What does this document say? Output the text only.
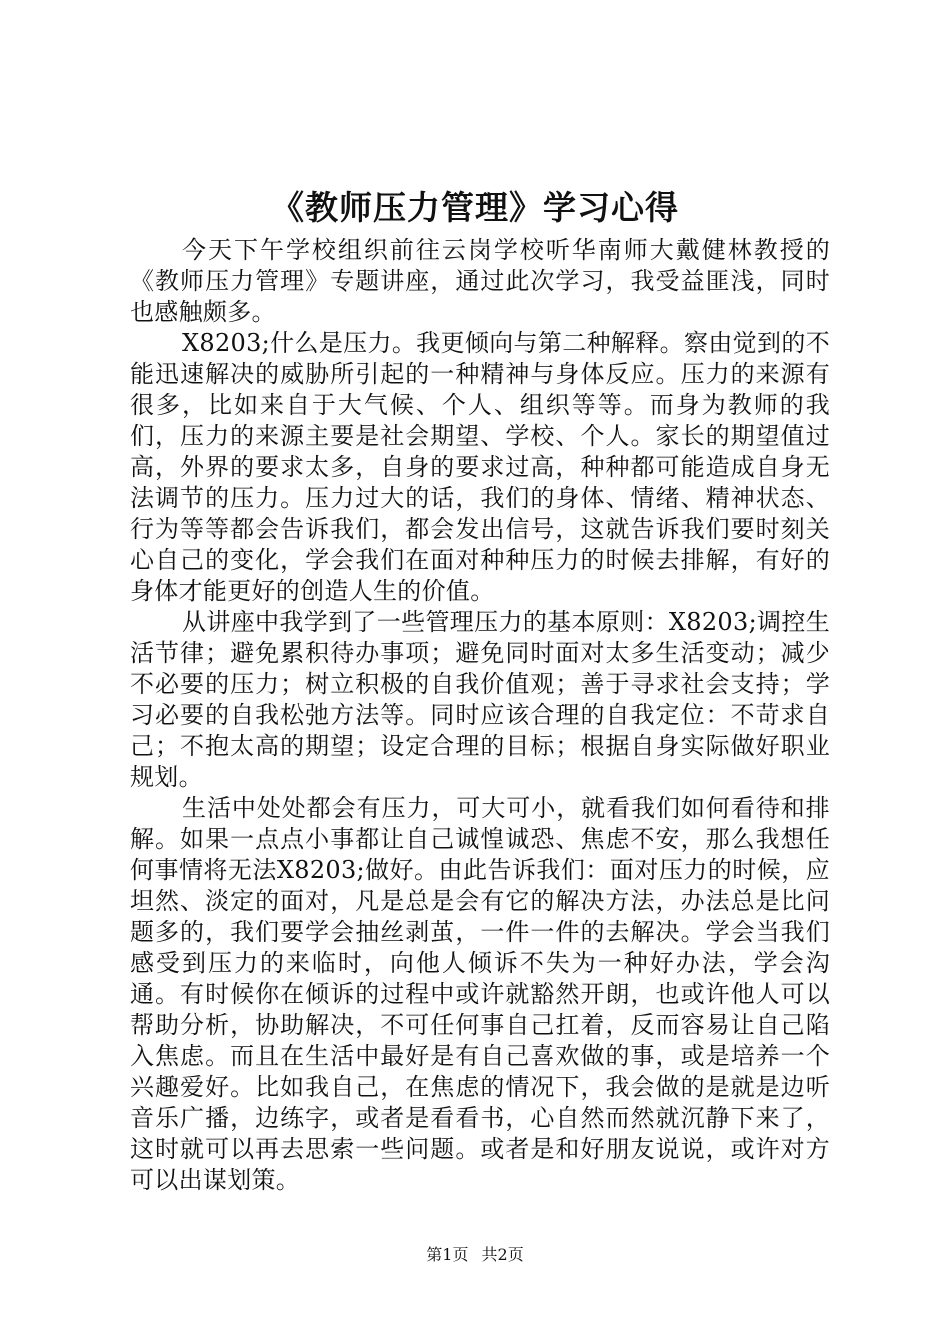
《教师压力管理》学习心得

今天下午学校组织前往云岗学校听华南师大戴健林教授的《教师压力管理》专题讲座，通过此次学习，我受益匪浅，同时也感触颇多。

X8203;什么是压力。我更倾向与第二种解释。察由觉到的不能迅速解决的威胁所引起的一种精神与身体反应。压力的来源有很多，比如来自于大气候、个人、组织等等。而身为教师的我们，压力的来源主要是社会期望、学校、个人。家长的期望值过高，外界的要求太多，自身的要求过高，种种都可能造成自身无法调节的压力。压力过大的话，我们的身体、情绪、精神状态、行为等等都会告诉我们，都会发出信号，这就告诉我们要时刻关心自己的变化，学会我们在面对种种压力的时候去排解，有好的身体才能更好的创造人生的价值。

从讲座中我学到了一些管理压力的基本原则：X8203;调控生活节律；避免累积待办事项；避免同时面对太多生活变动；减少不必要的压力；树立积极的自我价值观；善于寻求社会支持；学习必要的自我松弛方法等。同时应该合理的自我定位：不苛求自己；不抱太高的期望；设定合理的目标；根据自身实际做好职业规划。

生活中处处都会有压力，可大可小，就看我们如何看待和排解。如果一点点小事都让自己诚惶诚恐、焦虑不安，那么我想任何事情将无法X8203;做好。由此告诉我们：面对压力的时候，应坦然、淡定的面对，凡是总是会有它的解决方法，办法总是比问题多的，我们要学会抽丝剥茧，一件一件的去解决。学会当我们感受到压力的来临时，向他人倾诉不失为一种好办法，学会沟通。有时候你在倾诉的过程中或许就豁然开朗，也或许他人可以帮助分析，协助解决，不可任何事自己扛着，反而容易让自己陷入焦虑。而且在生活中最好是有自己喜欢做的事，或是培养一个兴趣爱好。比如我自己，在焦虑的情况下，我会做的是就是边听音乐广播，边练字，或者是看看书，心自然而然就沉静下来了，这时就可以再去思索一些问题。或者是和好朋友说说，或许对方可以出谋划策。

第1页 共2页
